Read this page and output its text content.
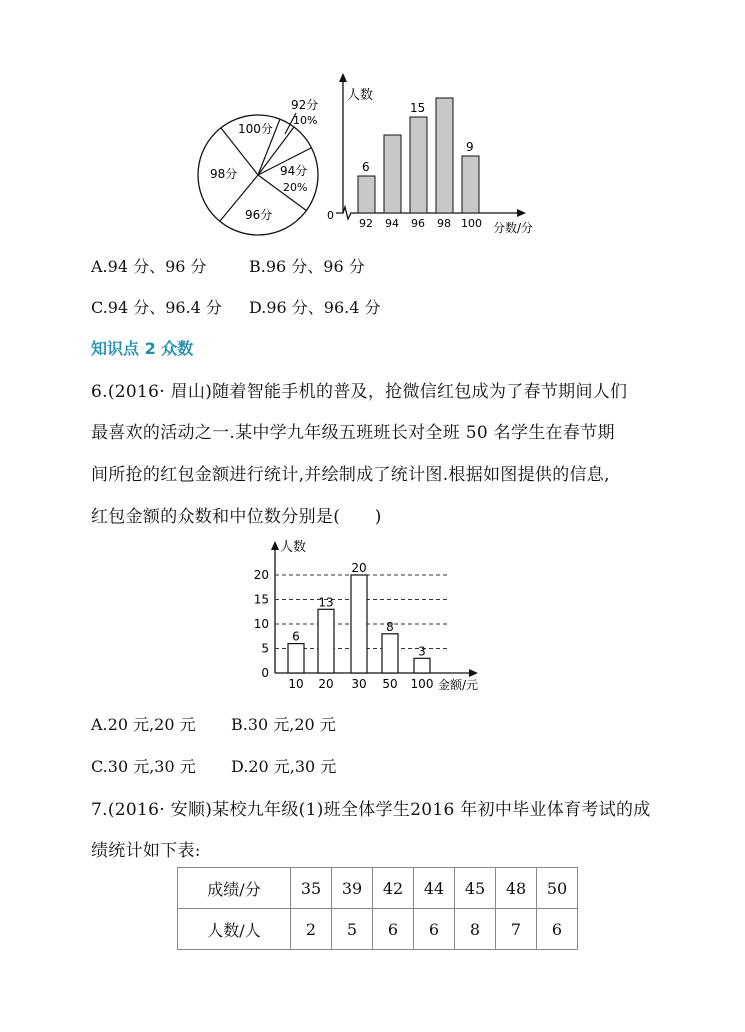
92分
10%
100分
98分
96分
94分
20%
人数
0
分数/分
6
15
9
92 94 96 98 100
A.94 分、96 分	B.96 分、96 分
C.94 分、96.4 分 D.96 分、96.4 分
知识点 2 众数
6.(2016· 眉山)随着智能手机的普及，抢微信红包成为了春节期间人们
最喜欢的活动之一.某中学九年级五班班长对全班 50 名学生在春节期
间所抢的红包金额进行统计,并绘制成了统计图.根据如图提供的信息,
红包金额的众数和中位数分别是(　　)
0
5
10
15
20
人数
金额/元
6
10
13
20
20
30
8
50
3
100
A.20 元,20 元 B.30 元,20 元
C.30 元,30 元 D.20 元,30 元
7.(2016· 安顺)某校九年级(1)班全体学生2016 年初中毕业体育考试的成
绩统计如下表:
成绩/分	35	39	42	44	45	48	50
人数/人	2	5	6	6	8	7	6
